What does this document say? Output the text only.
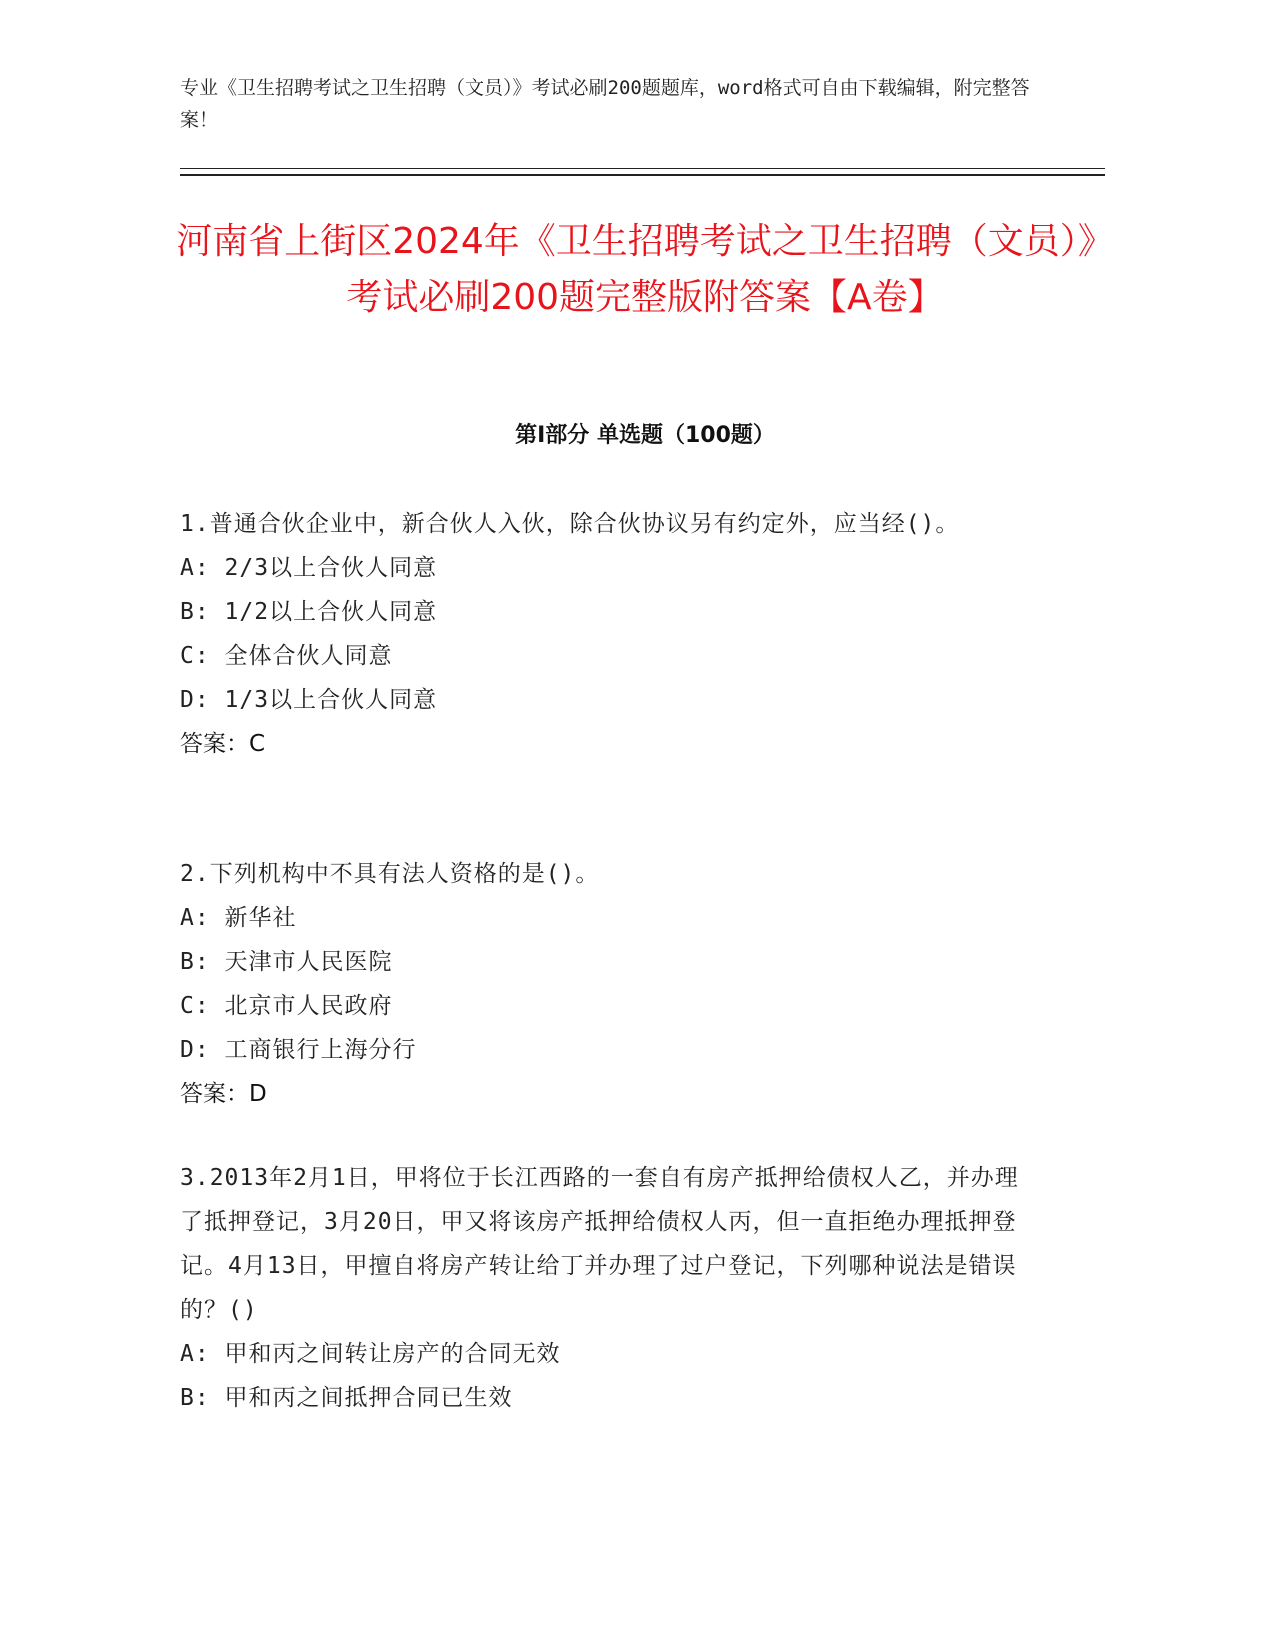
专业《卫生招聘考试之卫生招聘（文员）》考试必刷200题题库，word格式可自由下载编辑，附完整答案！
河南省上街区2024年《卫生招聘考试之卫生招聘（文员）》考试必刷200题完整版附答案【A卷】
第I部分 单选题（100题）
1.普通合伙企业中，新合伙人入伙，除合伙协议另有约定外，应当经()。
A: 2/3以上合伙人同意
B: 1/2以上合伙人同意
C: 全体合伙人同意
D: 1/3以上合伙人同意
答案：C
2.下列机构中不具有法人资格的是()。
A: 新华社
B: 天津市人民医院
C: 北京市人民政府
D: 工商银行上海分行
答案：D
3.2013年2月1日，甲将位于长江西路的一套自有房产抵押给债权人乙，并办理了抵押登记，3月20日，甲又将该房产抵押给债权人丙，但一直拒绝办理抵押登记。4月13日，甲擅自将房产转让给丁并办理了过户登记，下列哪种说法是错误的？()
A: 甲和丙之间转让房产的合同无效
B: 甲和丙之间抵押合同已生效
